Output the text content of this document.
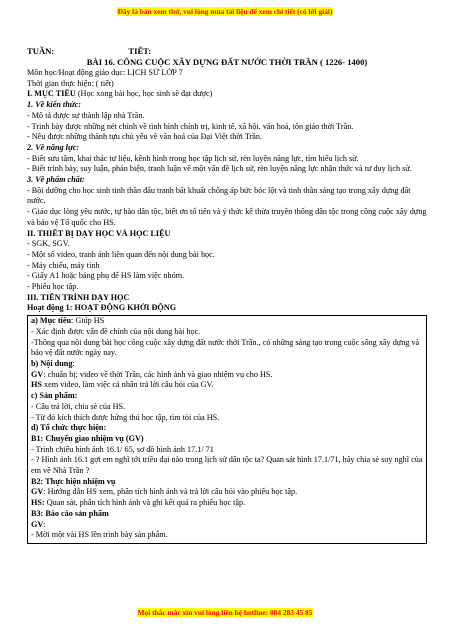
Đây là bản xem thử, vui lòng mua tài liệu để xem chi tiết (có lời giải)
TUẦN:	TIẾT:
BÀI 16. CÔNG CUỘC XÂY DỰNG ĐẤT NƯỚC THỜI TRẦN ( 1226- 1400)
Môn học/Hoạt động giáo dục: LỊCH SỬ LỚP 7
Thời gian thực hiện: ( tiết)
I. MỤC TIÊU (Học xong bài học, học sinh sẽ đạt được)
1. Về kiến thức:
- Mô tả được sự thành lập nhà Trần.
- Trình bày được những nét chính về tình hình chính trị, kinh tế, xã hội, văn hoá, tôn giáo thời Trần.
- Nêu được những thành tựu chủ yếu về văn hoá của Đại Việt thời Trần.
2. Về năng lực:
- Biết sưu tầm, khai thác tư liệu, kênh hình trong học tập lịch sử, rèn luyện năng lực, tìm hiểu lịch sử.
- Biết trình bày, suy luận, phản biện, tranh luận về một vấn đề lịch sử, rèn luyện năng lực nhận thức và tư duy lịch sử.
3. Về phẩm chất:
- Bồi dưỡng cho học sinh tinh thần đấu tranh bất khuất chống áp bức bóc lột và tinh thần sáng tạo trong xây dựng đất nước.
- Giáo dục lòng yêu nước, tự hào dân tộc, biết ơn tổ tiên và ý thức kế thừa truyền thống dân tộc trong công cuộc xây dựng và bảo vệ Tổ quốc cho HS.
II. THIẾT BỊ DẠY HỌC VÀ HỌC LIỆU
- SGK, SGV.
- Một số video, tranh ảnh liên quan đến nội dung bài học.
- Máy chiếu, máy tính
- Giấy A1 hoặc bảng phụ để HS làm việc nhóm.
- Phiếu học tập.
III. TIẾN TRÌNH DẠY HỌC
Hoạt động 1: HOẠT ĐỘNG KHỞI ĐỘNG
a) Mục tiêu: Giúp HS
- Xác định được vấn đề chính của nội dung bài học.
-Thông qua nội dung bài học công cuộc xây dựng đất nước thời Trần., có những sáng tạo trong cuộc sống xây dựng và bảo vệ đất nước ngày nay.
b) Nội dung:
GV: chuẩn bị; video về thời Trần, các hình ảnh và giao nhiệm vụ cho HS.
HS xem video, làm việc cá nhân trả lời câu hỏi của GV.
c) Sản phẩm:
- Câu trả lời, chia sẻ của HS.
- Từ đó kích thích được hứng thú học tập, tìm tòi của HS.
d) Tổ chức thực hiện:
B1: Chuyển giao nhiệm vụ (GV)
- Trình chiếu hình ảnh 16.1/ 65, sơ đồ hình ảnh 17.1/ 71
- ? Hình ảnh 16.1 gợi em nghĩ tới triều đại nào trong lịch sử dân tộc ta? Quan sát hình 17.1/71, hãy chia sẻ suy nghĩ của em về Nhà Trần ?
B2: Thực hiện nhiệm vụ
GV: Hướng dẫn HS xem, phân tích hình ảnh và trả lời câu hỏi vào phiếu học tập.
HS: Quan sát, phân tích hình ảnh và ghi kết quả ra phiếu học tập.
B3: Báo cáo sản phẩm
GV:
- Mời một vài HS lên trình bày sản phẩm.
Mọi thắc mắc xin vui lòng liên hệ hotline: 084 283 45 85
